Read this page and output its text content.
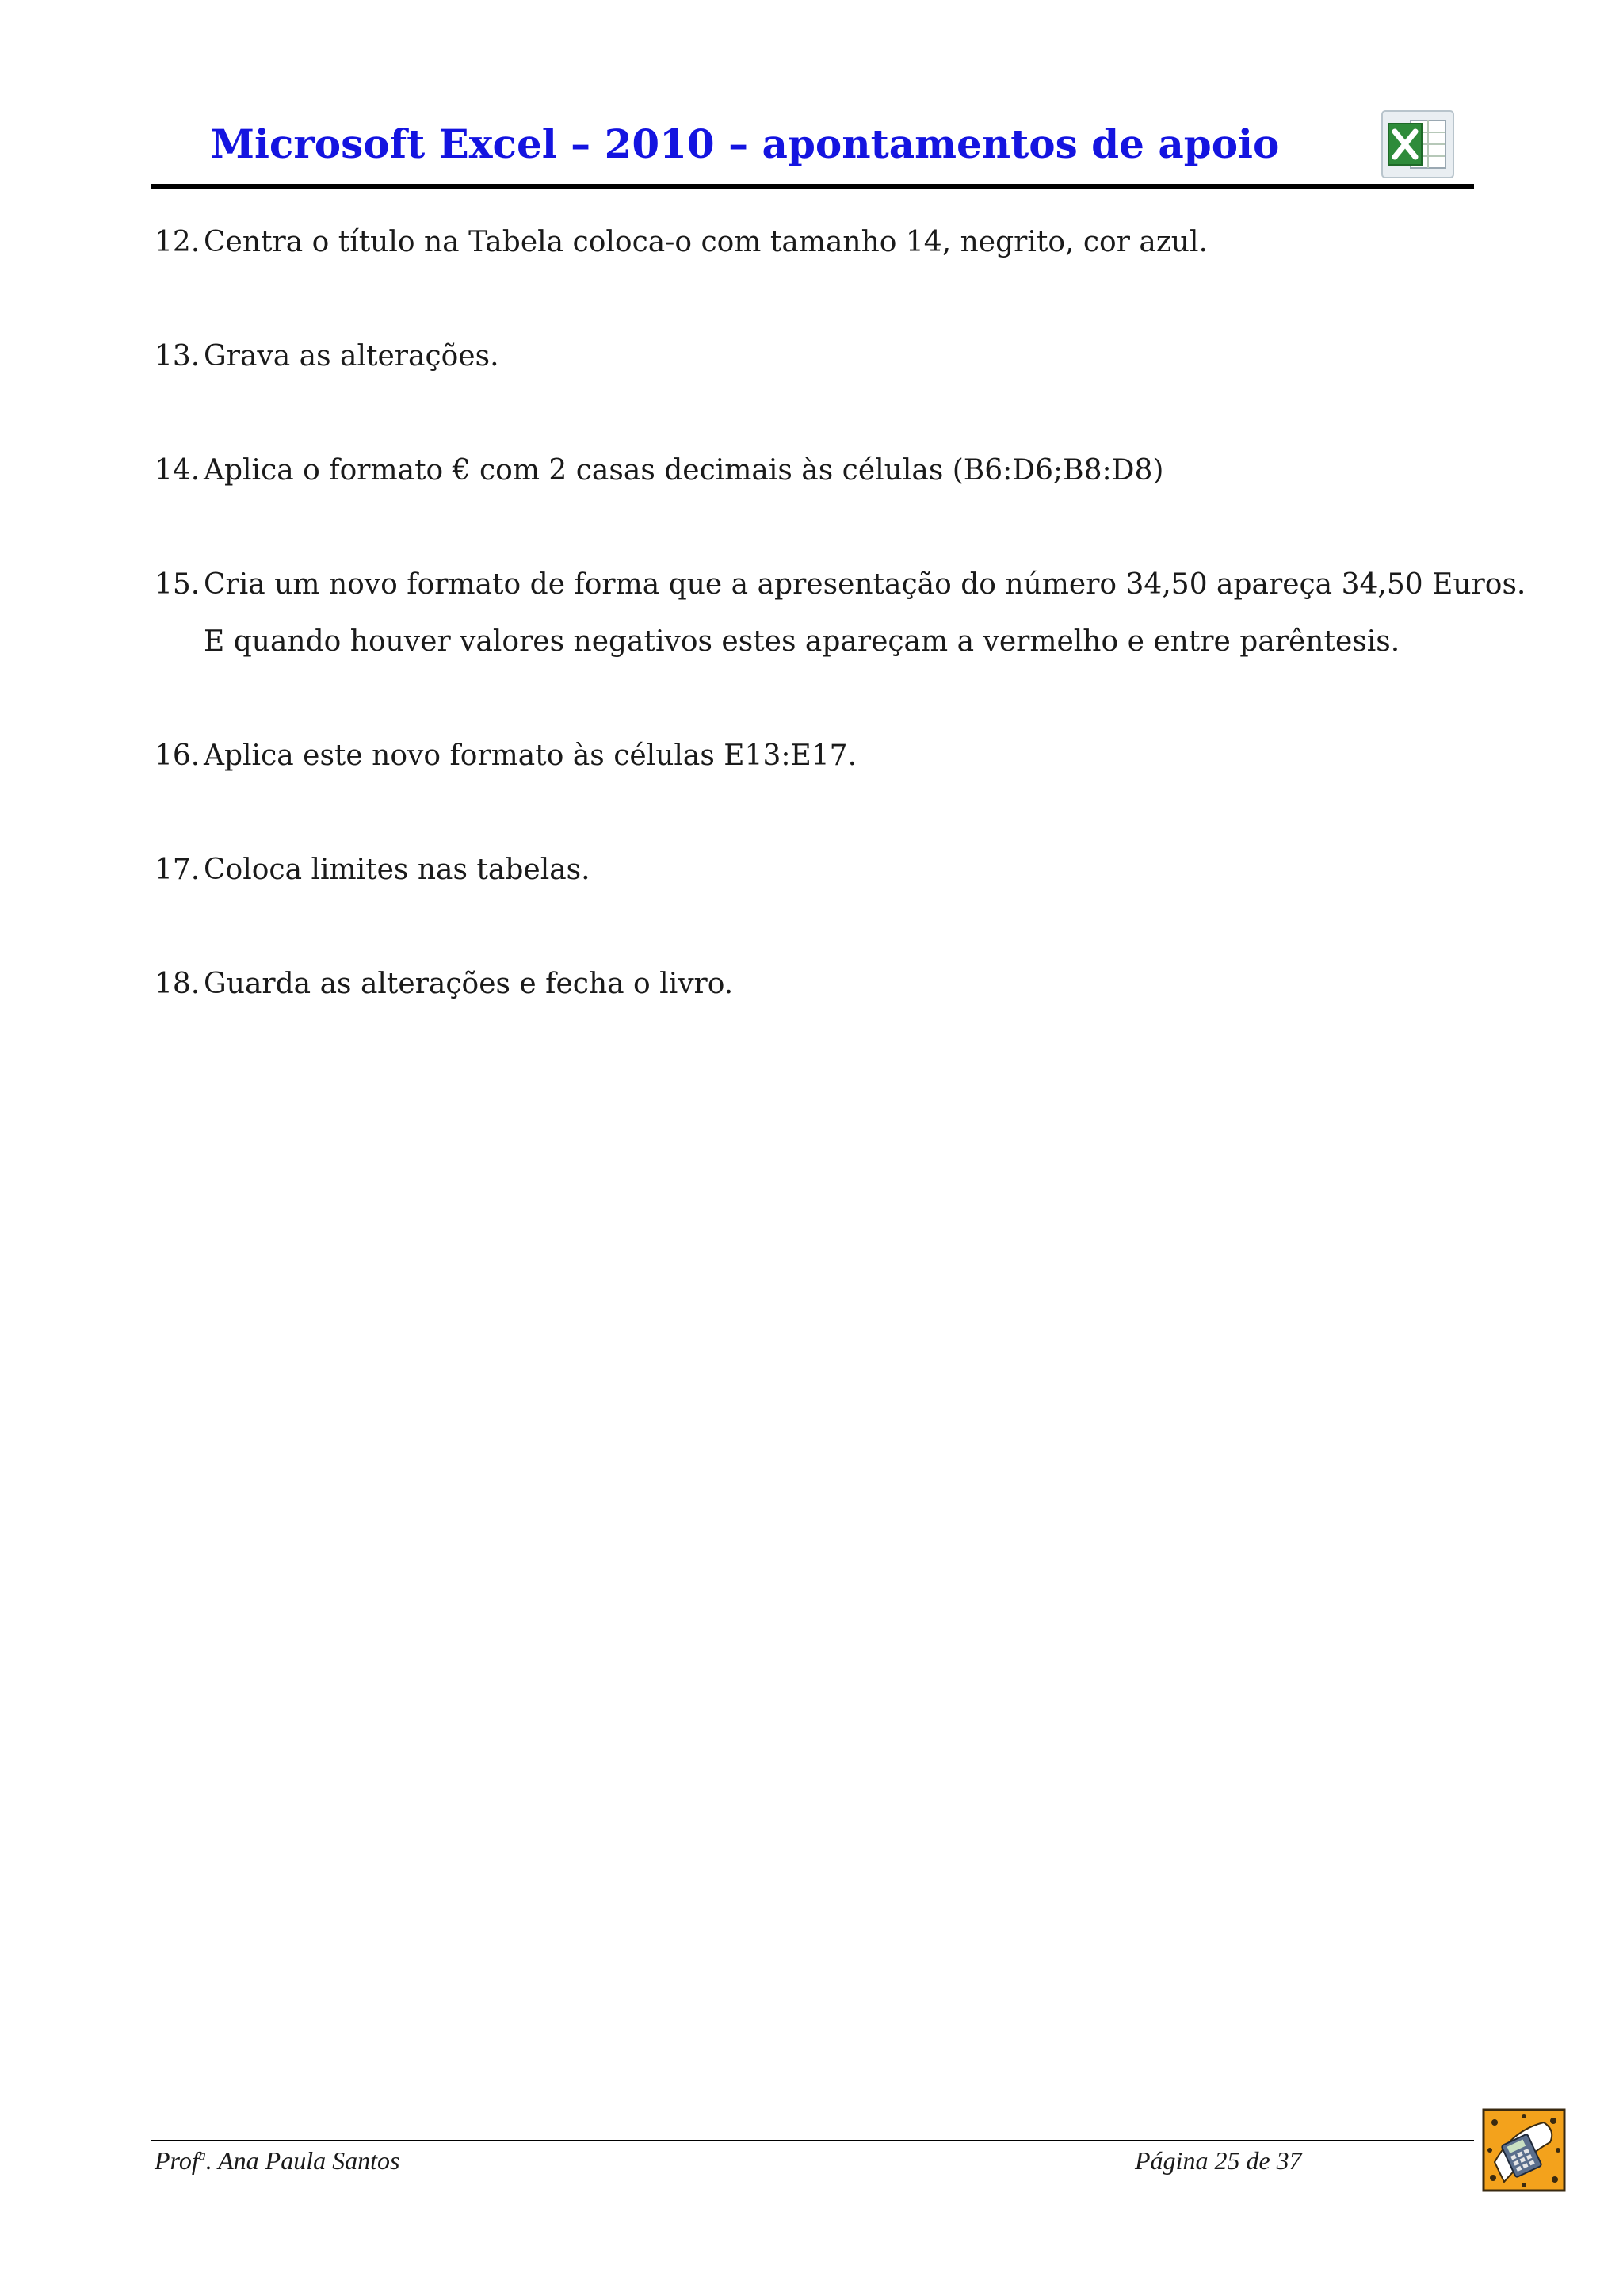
Microsoft Excel – 2010 – apontamentos de apoio
12. Centra o título na Tabela coloca-o com tamanho 14, negrito, cor azul.
13. Grava as alterações.
14. Aplica o formato € com 2 casas decimais às células (B6:D6;B8:D8)
15. Cria um novo formato de forma que a apresentação do número 34,50 apareça 34,50 Euros.
E quando houver valores negativos estes apareçam a vermelho e entre parêntesis.
16. Aplica este novo formato às células E13:E17.
17. Coloca limites nas tabelas.
18. Guarda as alterações e fecha o livro.
Prof$^a$. Ana Paula Santos	Página 25 de 37
